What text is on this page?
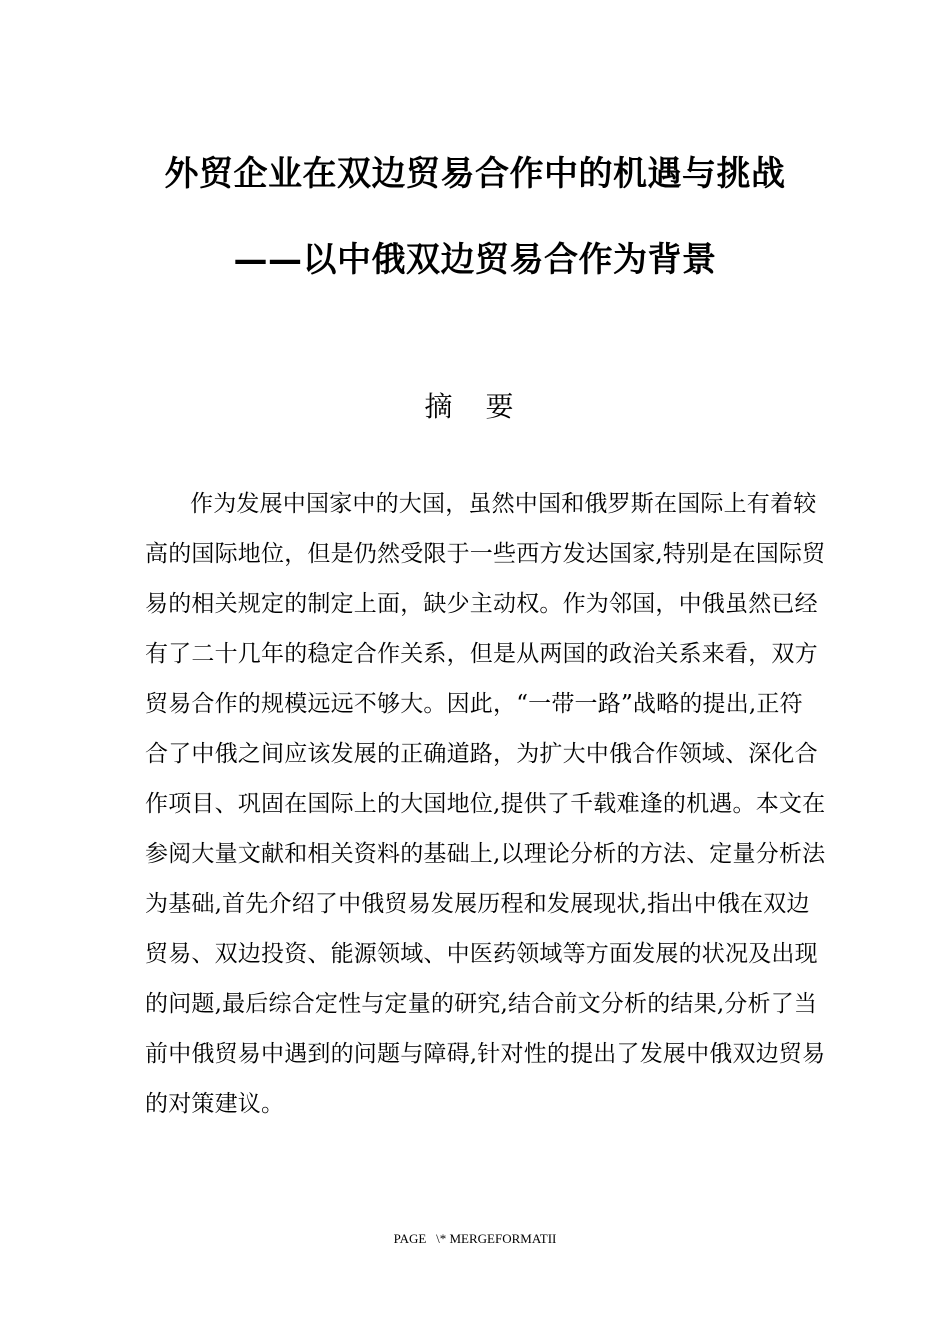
外贸企业在双边贸易合作中的机遇与挑战
——以中俄双边贸易合作为背景
摘 要
作为发展中国家中的大国，虽然中国和俄罗斯在国际上有着较
高的国际地位，但是仍然受限于一些西方发达国家,特别是在国际贸
易的相关规定的制定上面，缺少主动权。作为邻国，中俄虽然已经
有了二十几年的稳定合作关系，但是从两国的政治关系来看，双方
贸易合作的规模远远不够大。因此，“一带一路”战略的提出,正符
合了中俄之间应该发展的正确道路，为扩大中俄合作领域、深化合
作项目、巩固在国际上的大国地位,提供了千载难逢的机遇。本文在
参阅大量文献和相关资料的基础上,以理论分析的方法、定量分析法
为基础,首先介绍了中俄贸易发展历程和发展现状,指出中俄在双边
贸易、双边投资、能源领域、中医药领域等方面发展的状况及出现
的问题,最后综合定性与定量的研究,结合前文分析的结果,分析了当
前中俄贸易中遇到的问题与障碍,针对性的提出了发展中俄双边贸易
的对策建议。
PAGE   \* MERGEFORMATII
